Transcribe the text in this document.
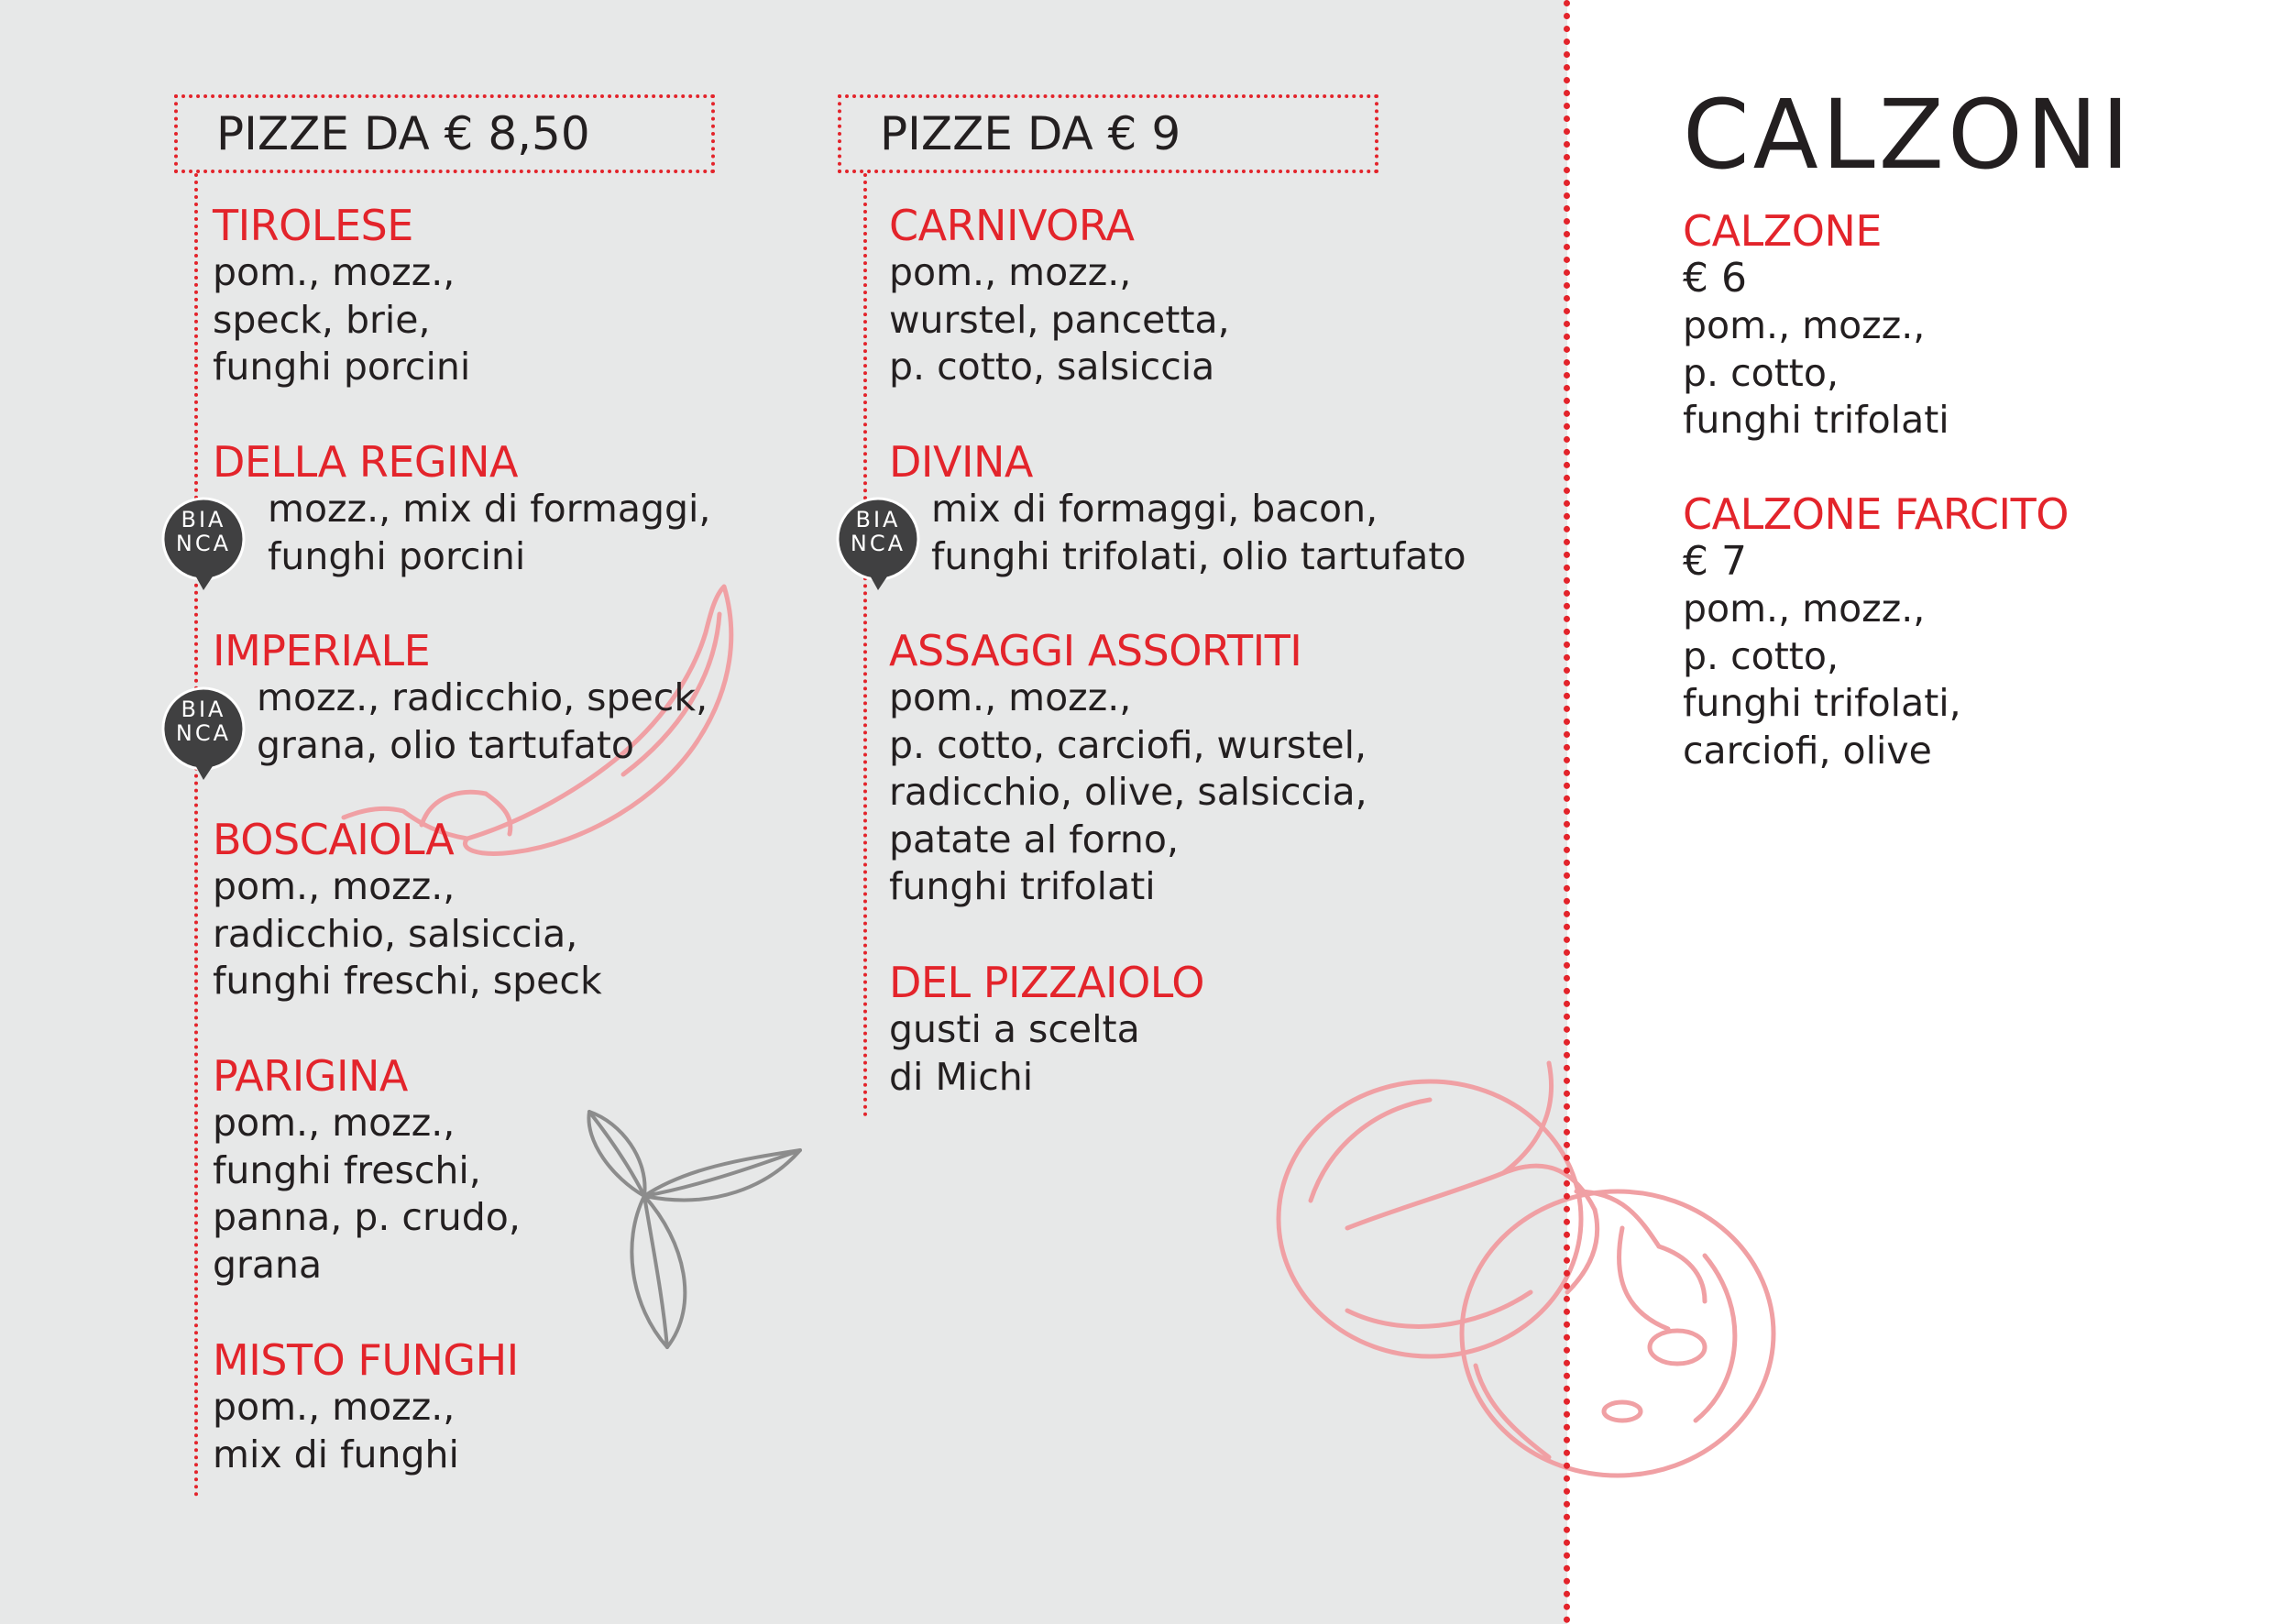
PIZZE DA € 8,50
TIROLESE
pom., mozz.,
speck, brie,
funghi porcini
DELLA REGINA
mozz., mix di formaggi,
funghi porcini
BIA
NCA
IMPERIALE
mozz., radicchio, speck,
grana, olio tartufato
BIA
NCA
BOSCAIOLA
pom., mozz.,
radicchio, salsiccia,
funghi freschi, speck
PARIGINA
pom., mozz.,
funghi freschi,
panna, p. crudo,
grana
MISTO FUNGHI
pom., mozz.,
mix di funghi
PIZZE DA € 9
CARNIVORA
pom., mozz.,
wurstel, pancetta,
p. cotto, salsiccia
DIVINA
mix di formaggi, bacon,
funghi trifolati, olio tartufato
BIA
NCA
ASSAGGI ASSORTITI
pom., mozz.,
p. cotto, carciofi, wurstel,
radicchio, olive, salsiccia,
patate al forno,
funghi trifolati
DEL PIZZAIOLO
gusti a scelta
di Michi
CALZONI
CALZONE
€ 6
pom., mozz.,
p. cotto,
funghi trifolati
CALZONE FARCITO
€ 7
pom., mozz.,
p. cotto,
funghi trifolati,
carciofi, olive
